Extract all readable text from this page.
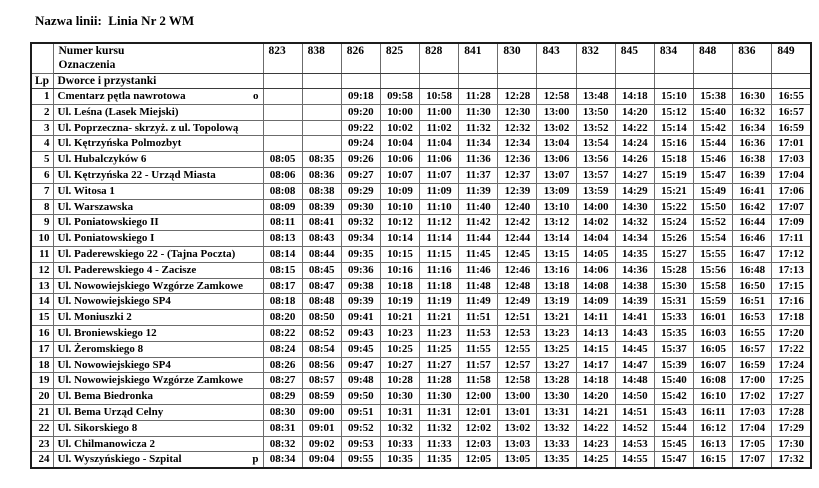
Nazwa linii:  Linia Nr 2 WM

	Numer kursu
Oznaczenia	823	838	826	825	828	841	830	843	832	845	834	848	836	849
Lp	Dworce i przystanki														
1	Cmentarz pętla nawrotowa o			09:18	09:58	10:58	11:28	12:28	12:58	13:48	14:18	15:10	15:38	16:30	16:55
2	Ul. Leśna (Lasek Miejski)			09:20	10:00	11:00	11:30	12:30	13:00	13:50	14:20	15:12	15:40	16:32	16:57
3	Ul. Poprzeczna- skrzyż. z ul. Topolową			09:22	10:02	11:02	11:32	12:32	13:02	13:52	14:22	15:14	15:42	16:34	16:59
4	Ul. Kętrzyńska Polmozbyt			09:24	10:04	11:04	11:34	12:34	13:04	13:54	14:24	15:16	15:44	16:36	17:01
5	Ul. Hubalczyków 6	08:05	08:35	09:26	10:06	11:06	11:36	12:36	13:06	13:56	14:26	15:18	15:46	16:38	17:03
6	Ul. Kętrzyńska 22 - Urząd Miasta	08:06	08:36	09:27	10:07	11:07	11:37	12:37	13:07	13:57	14:27	15:19	15:47	16:39	17:04
7	Ul. Witosa 1	08:08	08:38	09:29	10:09	11:09	11:39	12:39	13:09	13:59	14:29	15:21	15:49	16:41	17:06
8	Ul. Warszawska	08:09	08:39	09:30	10:10	11:10	11:40	12:40	13:10	14:00	14:30	15:22	15:50	16:42	17:07
9	Ul. Poniatowskiego II	08:11	08:41	09:32	10:12	11:12	11:42	12:42	13:12	14:02	14:32	15:24	15:52	16:44	17:09
10	Ul. Poniatowskiego I	08:13	08:43	09:34	10:14	11:14	11:44	12:44	13:14	14:04	14:34	15:26	15:54	16:46	17:11
11	Ul. Paderewskiego 22 - (Tajna Poczta)	08:14	08:44	09:35	10:15	11:15	11:45	12:45	13:15	14:05	14:35	15:27	15:55	16:47	17:12
12	Ul. Paderewskiego 4 - Zacisze	08:15	08:45	09:36	10:16	11:16	11:46	12:46	13:16	14:06	14:36	15:28	15:56	16:48	17:13
13	Ul. Nowowiejskiego Wzgórze Zamkowe	08:17	08:47	09:38	10:18	11:18	11:48	12:48	13:18	14:08	14:38	15:30	15:58	16:50	17:15
14	Ul. Nowowiejskiego SP4	08:18	08:48	09:39	10:19	11:19	11:49	12:49	13:19	14:09	14:39	15:31	15:59	16:51	17:16
15	Ul. Moniuszki 2	08:20	08:50	09:41	10:21	11:21	11:51	12:51	13:21	14:11	14:41	15:33	16:01	16:53	17:18
16	Ul. Broniewskiego 12	08:22	08:52	09:43	10:23	11:23	11:53	12:53	13:23	14:13	14:43	15:35	16:03	16:55	17:20
17	Ul. Żeromskiego 8	08:24	08:54	09:45	10:25	11:25	11:55	12:55	13:25	14:15	14:45	15:37	16:05	16:57	17:22
18	Ul. Nowowiejskiego SP4	08:26	08:56	09:47	10:27	11:27	11:57	12:57	13:27	14:17	14:47	15:39	16:07	16:59	17:24
19	Ul. Nowowiejskiego Wzgórze Zamkowe	08:27	08:57	09:48	10:28	11:28	11:58	12:58	13:28	14:18	14:48	15:40	16:08	17:00	17:25
20	Ul. Bema Biedronka	08:29	08:59	09:50	10:30	11:30	12:00	13:00	13:30	14:20	14:50	15:42	16:10	17:02	17:27
21	Ul. Bema Urząd Celny	08:30	09:00	09:51	10:31	11:31	12:01	13:01	13:31	14:21	14:51	15:43	16:11	17:03	17:28
22	Ul. Sikorskiego 8	08:31	09:01	09:52	10:32	11:32	12:02	13:02	13:32	14:22	14:52	15:44	16:12	17:04	17:29
23	Ul. Chilmanowicza 2	08:32	09:02	09:53	10:33	11:33	12:03	13:03	13:33	14:23	14:53	15:45	16:13	17:05	17:30
24	Ul. Wyszyńskiego - Szpital p	08:34	09:04	09:55	10:35	11:35	12:05	13:05	13:35	14:25	14:55	15:47	16:15	17:07	17:32
